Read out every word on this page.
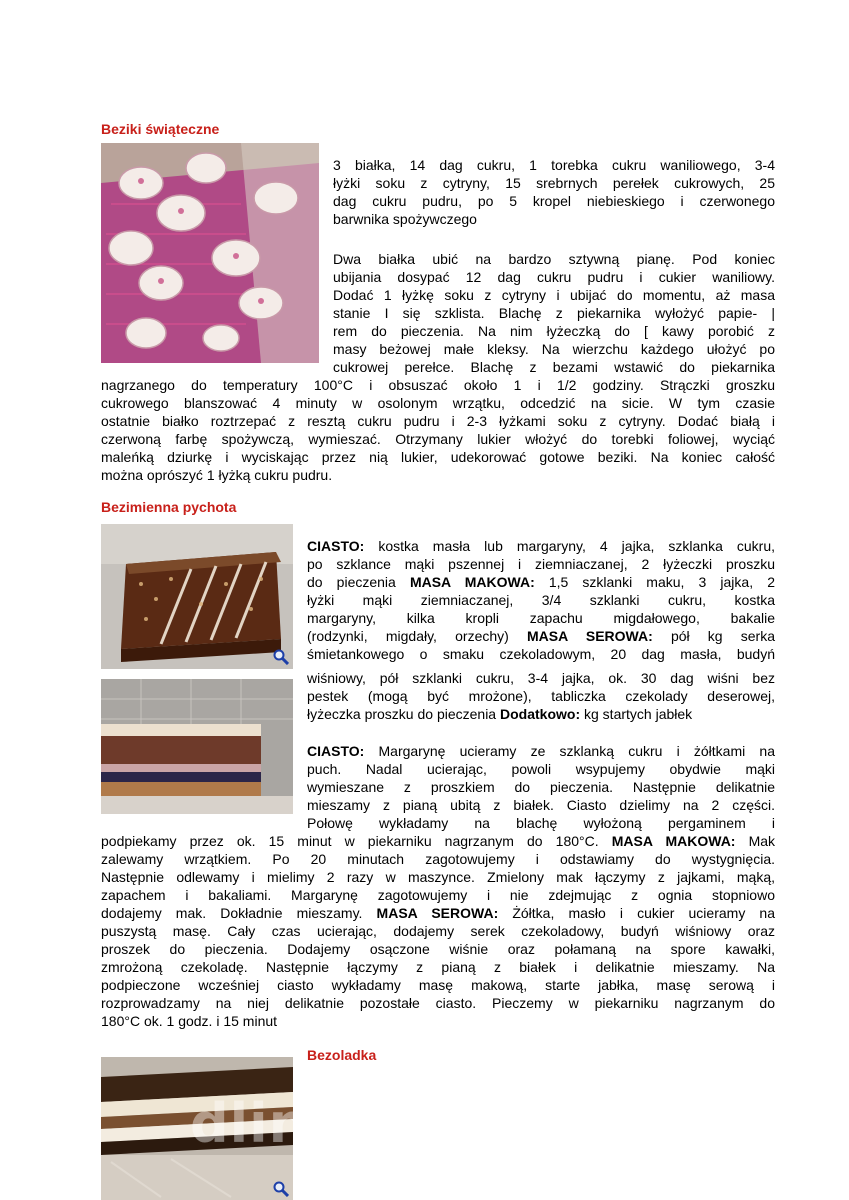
Beziki świąteczne
3 białka, 14 dag cukru, 1 torebka cukru waniliowego, 3-4
łyżki soku z cytryny, 15 srebrnych perełek cukrowych, 25
dag cukru pudru, po 5 kropel niebieskiego i czerwonego
barwnika spożywczego
Dwa białka ubić na bardzo sztywną pianę. Pod koniec
ubijania dosypać 12 dag cukru pudru i cukier waniliowy.
Dodać 1 łyżkę soku z cytryny i ubijać do momentu, aż masa
stanie I się szklista. Blachę z piekarnika wyłożyć papie- |
rem do pieczenia. Na nim łyżeczką do [ kawy porobić z
masy beżowej małe kleksy. Na wierzchu każdego ułożyć po
cukrowej perełce. Blachę z bezami wstawić do piekarnika
nagrzanego do temperatury 100°C i obsuszać około 1 i 1/2 godziny. Strączki groszku
cukrowego blanszować 4 minuty w osolonym wrzątku, odcedzić na sicie. W tym czasie
ostatnie białko roztrzepać z resztą cukru pudru i 2-3 łyżkami soku z cytryny. Dodać białą i
czerwoną farbę spożywczą, wymieszać. Otrzymany lukier włożyć do torebki foliowej, wyciąć
maleńką dziurkę i wyciskając przez nią lukier, udekorować gotowe beziki. Na koniec całość
można oprószyć 1 łyżką cukru pudru.
Bezimienna pychota
CIASTO: kostka masła lub margaryny, 4 jajka, szklanka cukru,
po szklance mąki pszennej i ziemniaczanej, 2 łyżeczki proszku
do pieczenia MASA MAKOWA: 1,5 szklanki maku, 3 jajka, 2
łyżki mąki ziemniaczanej, 3/4 szklanki cukru, kostka
margaryny, kilka kropli zapachu migdałowego, bakalie
(rodzynki, migdały, orzechy) MASA SEROWA: pół kg serka
śmietankowego o smaku czekoladowym, 20 dag masła, budyń
wiśniowy, pół szklanki cukru, 3-4 jajka, ok. 30 dag wiśni bez
pestek (mogą być mrożone), tabliczka czekolady deserowej,
łyżeczka proszku do pieczenia Dodatkowo: kg startych jabłek
CIASTO: Margarynę ucieramy ze szklanką cukru i żółtkami na
puch. Nadal ucierając, powoli wsypujemy obydwie mąki
wymieszane z proszkiem do pieczenia. Następnie delikatnie
mieszamy z pianą ubitą z białek. Ciasto dzielimy na 2 części.
Połowę wykładamy na blachę wyłożoną pergaminem i
podpiekamy przez ok. 15 minut w piekarniku nagrzanym do 180°C. MASA MAKOWA: Mak
zalewamy wrzątkiem. Po 20 minutach zagotowujemy i odstawiamy do wystygnięcia.
Następnie odlewamy i mielimy 2 razy w maszynce. Zmielony mak łączymy z jajkami, mąką,
zapachem i bakaliami. Margarynę zagotowujemy i nie zdejmując z ognia stopniowo
dodajemy mak. Dokładnie mieszamy. MASA SEROWA: Żółtka, masło i cukier ucieramy na
puszystą masę. Cały czas ucierając, dodajemy serek czekoladowy, budyń wiśniowy oraz
proszek do pieczenia. Dodajemy osączone wiśnie oraz połamaną na spore kawałki,
zmrożoną czekoladę. Następnie łączymy z pianą z białek i delikatnie mieszamy. Na
podpieczone wcześniej ciasto wykładamy masę makową, starte jabłka, masę serową i
rozprowadzamy na niej delikatnie pozostałe ciasto. Pieczemy w piekarniku nagrzanym do
180°C ok. 1 godz. i 15 minut
Bezoladka
dlinydomowe.pl
